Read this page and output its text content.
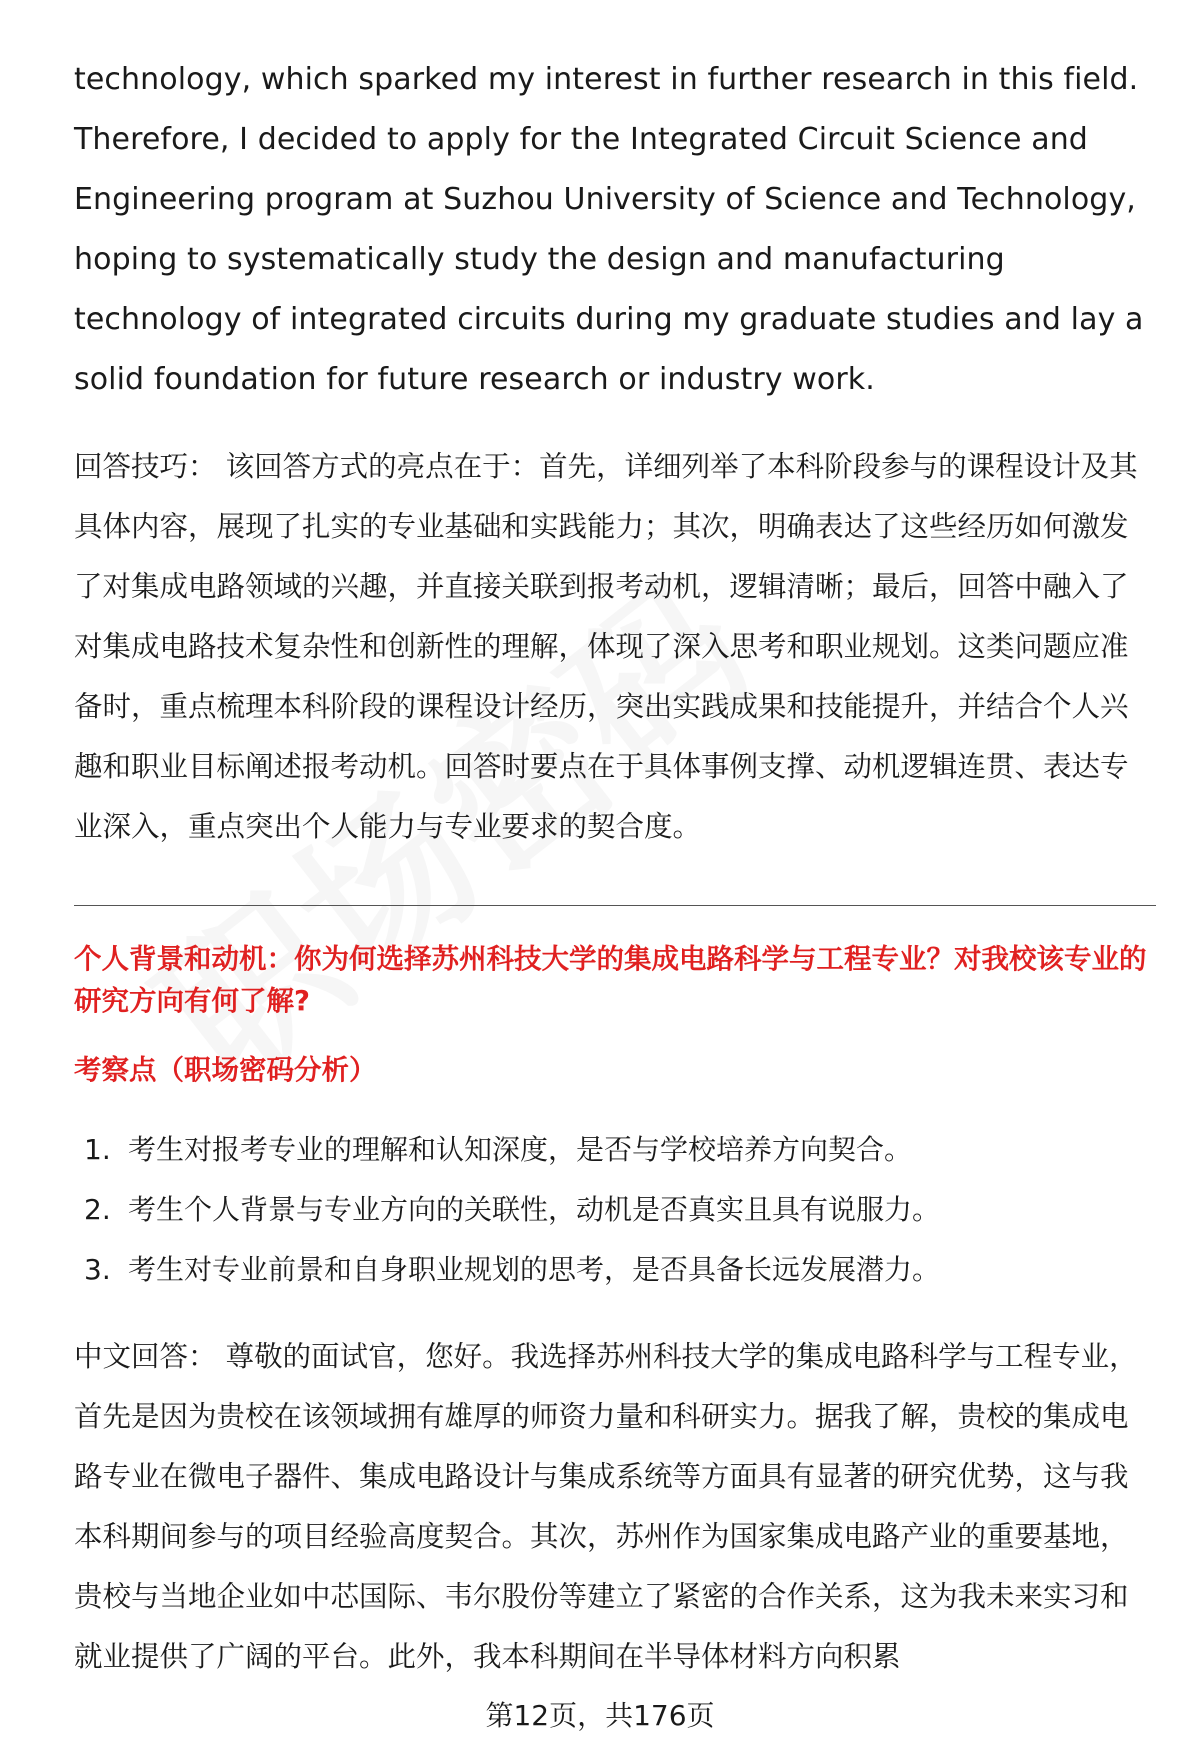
technology, which sparked my interest in further research in this field. Therefore, I decided to apply for the Integrated Circuit Science and Engineering program at Suzhou University of Science and Technology, hoping to systematically study the design and manufacturing technology of integrated circuits during my graduate studies and lay a solid foundation for future research or industry work.

回答技巧： 该回答方式的亮点在于：首先，详细列举了本科阶段参与的课程设计及其具体内容，展现了扎实的专业基础和实践能力；其次，明确表达了这些经历如何激发了对集成电路领域的兴趣，并直接关联到报考动机，逻辑清晰；最后，回答中融入了对集成电路技术复杂性和创新性的理解，体现了深入思考和职业规划。这类问题应准备时，重点梳理本科阶段的课程设计经历，突出实践成果和技能提升，并结合个人兴趣和职业目标阐述报考动机。回答时要点在于具体事例支撑、动机逻辑连贯、表达专业深入，重点突出个人能力与专业要求的契合度。

个人背景和动机：你为何选择苏州科技大学的集成电路科学与工程专业？对我校该专业的研究方向有何了解?

考察点（职场密码分析）

1. 考生对报考专业的理解和认知深度，是否与学校培养方向契合。
2. 考生个人背景与专业方向的关联性，动机是否真实且具有说服力。
3. 考生对专业前景和自身职业规划的思考，是否具备长远发展潜力。

中文回答： 尊敬的面试官，您好。我选择苏州科技大学的集成电路科学与工程专业，首先是因为贵校在该领域拥有雄厚的师资力量和科研实力。据我了解，贵校的集成电路专业在微电子器件、集成电路设计与集成系统等方面具有显著的研究优势，这与我本科期间参与的项目经验高度契合。其次，苏州作为国家集成电路产业的重要基地，贵校与当地企业如中芯国际、韦尔股份等建立了紧密的合作关系，这为我未来实习和就业提供了广阔的平台。此外，我本科期间在半导体材料方向积累

第12页，共176页
